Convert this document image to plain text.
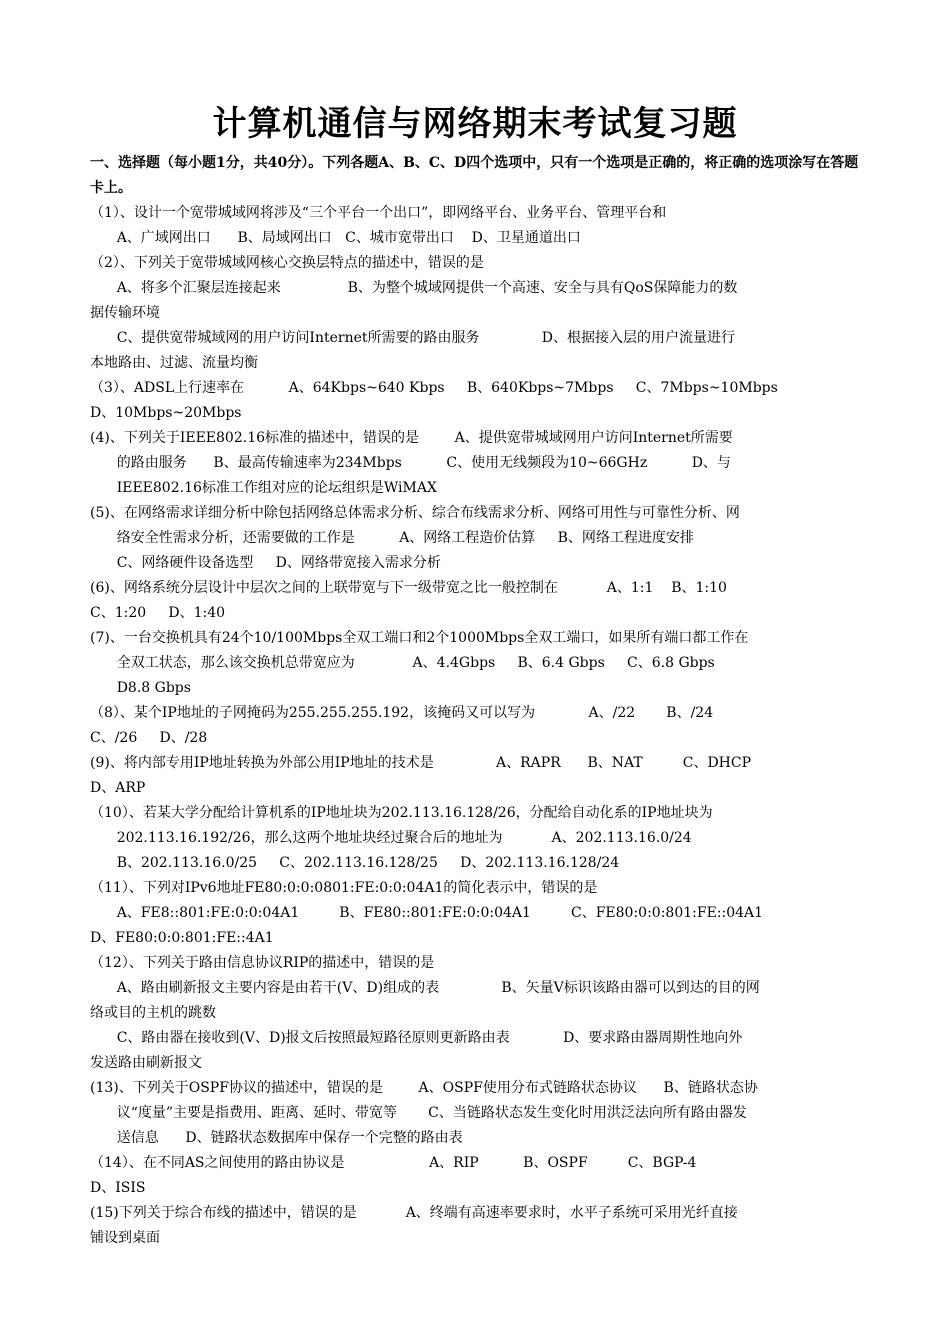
计算机通信与网络期末考试复习题
一、选择题（每小题1分，共40分）。下列各题A、B、C、D四个选项中，只有一个选项是正确的，将正确的选项涂写在答题卡上。
（1）、设计一个宽带城域网将涉及“三个平台一个出口”，即网络平台、业务平台、管理平台和
A、广域网出口      B、局域网出口   C、城市宽带出口    D、卫星通道出口
（2）、下列关于宽带城域网核心交换层特点的描述中，错误的是
A、将多个汇聚层连接起来               B、为整个城域网提供一个高速、安全与具有QoS保障能力的数
据传输环境
C、提供宽带城域网的用户访问Internet所需要的路由服务              D、根据接入层的用户流量进行
本地路由、过滤、流量均衡
（3）、ADSL上行速率在          A、64Kbps~640 Kbps     B、640Kbps~7Mbps     C、7Mbps~10Mbps
D、10Mbps~20Mbps
(4)、下列关于IEEE802.16标准的描述中，错误的是        A、提供宽带城域网用户访问Internet所需要
的路由服务      B、最高传输速率为234Mbps          C、使用无线频段为10~66GHz          D、与
IEEE802.16标准工作组对应的论坛组织是WiMAX
(5)、在网络需求详细分析中除包括网络总体需求分析、综合布线需求分析、网络可用性与可靠性分析、网
络安全性需求分析，还需要做的工作是          A、网络工程造价估算     B、网络工程进度安排
C、网络硬件设备选型     D、网络带宽接入需求分析
(6)、网络系统分层设计中层次之间的上联带宽与下一级带宽之比一般控制在           A、1:1    B、1:10
C、1:20     D、1:40
(7)、一台交换机具有24个10/100Mbps全双工端口和2个1000Mbps全双工端口，如果所有端口都工作在
全双工状态，那么该交换机总带宽应为             A、4.4Gbps     B、6.4 Gbps     C、6.8 Gbps
D8.8 Gbps
（8）、某个IP地址的子网掩码为255.255.255.192，该掩码又可以写为            A、/22       B、/24
C、/26     D、/28
(9)、将内部专用IP地址转换为外部公用IP地址的技术是              A、RAPR      B、NAT         C、DHCP
D、ARP
（10）、若某大学分配给计算机系的IP地址块为202.113.16.128/26，分配给自动化系的IP地址块为
202.113.16.192/26，那么这两个地址块经过聚合后的地址为           A、202.113.16.0/24
B、202.113.16.0/25     C、202.113.16.128/25     D、202.113.16.128/24
（11）、下列对IPv6地址FE80:0:0:0801:FE:0:0:04A1的简化表示中，错误的是
A、FE8::801:FE:0:0:04A1         B、FE80::801:FE:0:0:04A1         C、FE80:0:0:801:FE::04A1
D、FE80:0:0:801:FE::4A1
（12）、下列关于路由信息协议RIP的描述中，错误的是
A、路由刷新报文主要内容是由若干(V、D)组成的表              B、矢量V标识该路由器可以到达的目的网
络或目的主机的跳数
C、路由器在接收到(V、D)报文后按照最短路径原则更新路由表            D、要求路由器周期性地向外
发送路由刷新报文
(13)、下列关于OSPF协议的描述中，错误的是        A、OSPF使用分布式链路状态协议      B、链路状态协
议“度量”主要是指费用、距离、延时、带宽等       C、当链路状态发生变化时用洪泛法向所有路由器发
送信息      D、链路状态数据库中保存一个完整的路由表
（14）、在不同AS之间使用的路由协议是                   A、RIP          B、OSPF         C、BGP-4
D、ISIS
(15)下列关于综合布线的描述中，错误的是           A、终端有高速率要求时，水平子系统可采用光纤直接
铺设到桌面
